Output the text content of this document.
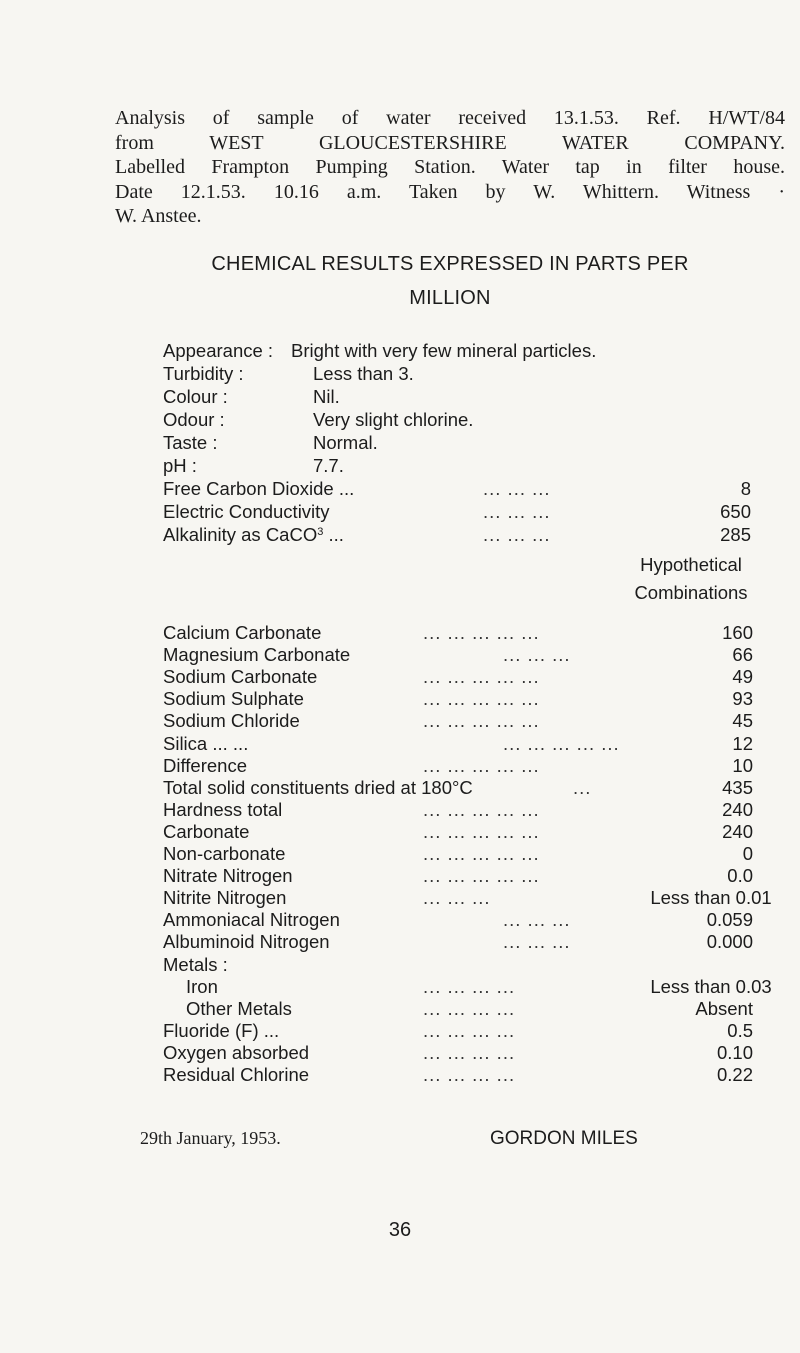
Analysis of sample of water received 13.1.53. Ref. H/WT/84
from WEST GLOUCESTERSHIRE WATER COMPANY.
Labelled Frampton Pumping Station. Water tap in filter house.
Date 12.1.53. 10.16 a.m. Taken by W. Whittern. Witness ·
W. Anstee.
CHEMICAL RESULTS EXPRESSED IN PARTS PER
MILLION
Appearance : Bright with very few mineral particles.
Turbidity :	Less than 3.
Colour :	Nil.
Odour :	Very slight chlorine.
Taste :	Normal.
pH :	7.7.
Free Carbon Dioxide ...	... ... ...	8
Electric Conductivity	... ... ...	650
Alkalinity as CaCO$^3$ ...	... ... ...	285
Hypothetical
Combinations
Calcium Carbonate	... ... ... ... ...	160
Magnesium Carbonate	... ... ...	66
Sodium Carbonate	... ... ... ... ...	49
Sodium Sulphate	... ... ... ... ...	93
Sodium Chloride	... ... ... ... ...	45
Silica ... ...	... ... ... ... ...	12
Difference	... ... ... ... ...	10
Total solid constituents dried at 180°C	...	435
Hardness total	... ... ... ... ...	240
Carbonate	... ... ... ... ...	240
Non-carbonate	... ... ... ... ...	0
Nitrate Nitrogen	... ... ... ... ...	0.0
Nitrite Nitrogen	... ... ...	Less than 0.01
Ammoniacal Nitrogen	... ... ...	0.059
Albuminoid Nitrogen	... ... ...	0.000
Metals :
Iron	... ... ... ...	Less than 0.03
Other Metals	... ... ... ...	Absent
Fluoride (F) ...	... ... ... ...	0.5
Oxygen absorbed	... ... ... ...	0.10
Residual Chlorine	... ... ... ...	0.22
29th January, 1953.	GORDON MILES
36
